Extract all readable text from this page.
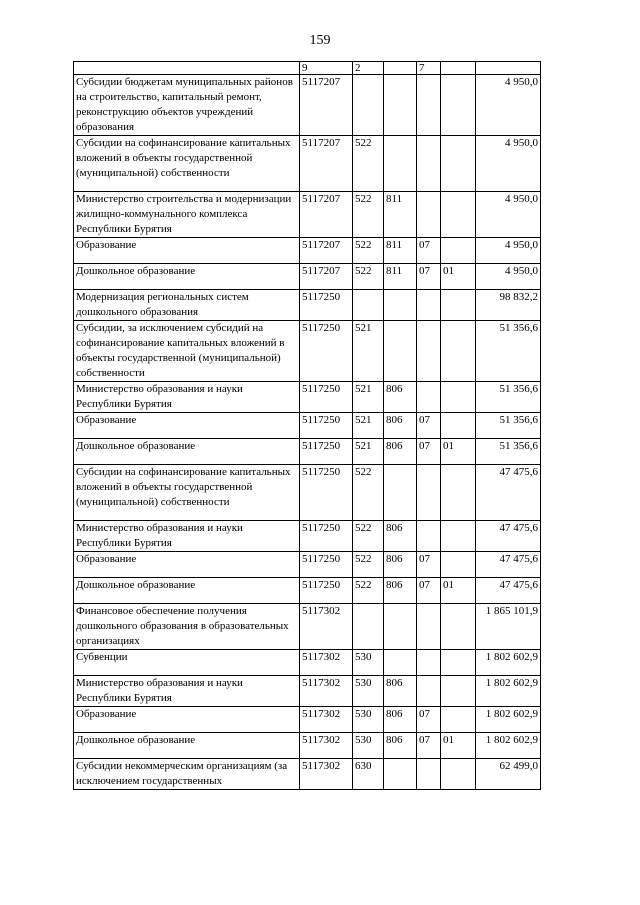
159
	9	2		7		
Субсидии бюджетам муниципальных районов на строительство, капитальный ремонт, реконструкцию объектов учреждений образования	5117207					4 950,0
Субсидии на софинансирование капитальных вложений в объекты государственной (муниципальной) собственности	5117207	522				4 950,0
Министерство строительства и модернизации жилищно-коммунального комплекса Республики Бурятия	5117207	522	811			4 950,0
Образование	5117207	522	811	07		4 950,0
Дошкольное образование	5117207	522	811	07	01	4 950,0
Модернизация региональных систем дошкольного образования	5117250					98 832,2
Субсидии, за исключением субсидий на софинансирование капитальных вложений в объекты государственной (муниципальной) собственности	5117250	521				51 356,6
Министерство образования и науки Республики Бурятия	5117250	521	806			51 356,6
Образование	5117250	521	806	07		51 356,6
Дошкольное образование	5117250	521	806	07	01	51 356,6
Субсидии на софинансирование капитальных вложений в объекты государственной (муниципальной) собственности	5117250	522				47 475,6
Министерство образования и науки Республики Бурятия	5117250	522	806			47 475,6
Образование	5117250	522	806	07		47 475,6
Дошкольное образование	5117250	522	806	07	01	47 475,6
Финансовое обеспечение получения дошкольного образования в образовательных организациях	5117302					1 865 101,9
Субвенции	5117302	530				1 802 602,9
Министерство образования и науки Республики Бурятия	5117302	530	806			1 802 602,9
Образование	5117302	530	806	07		1 802 602,9
Дошкольное образование	5117302	530	806	07	01	1 802 602,9
Субсидии некоммерческим организациям (за исключением государственных	5117302	630				62 499,0
